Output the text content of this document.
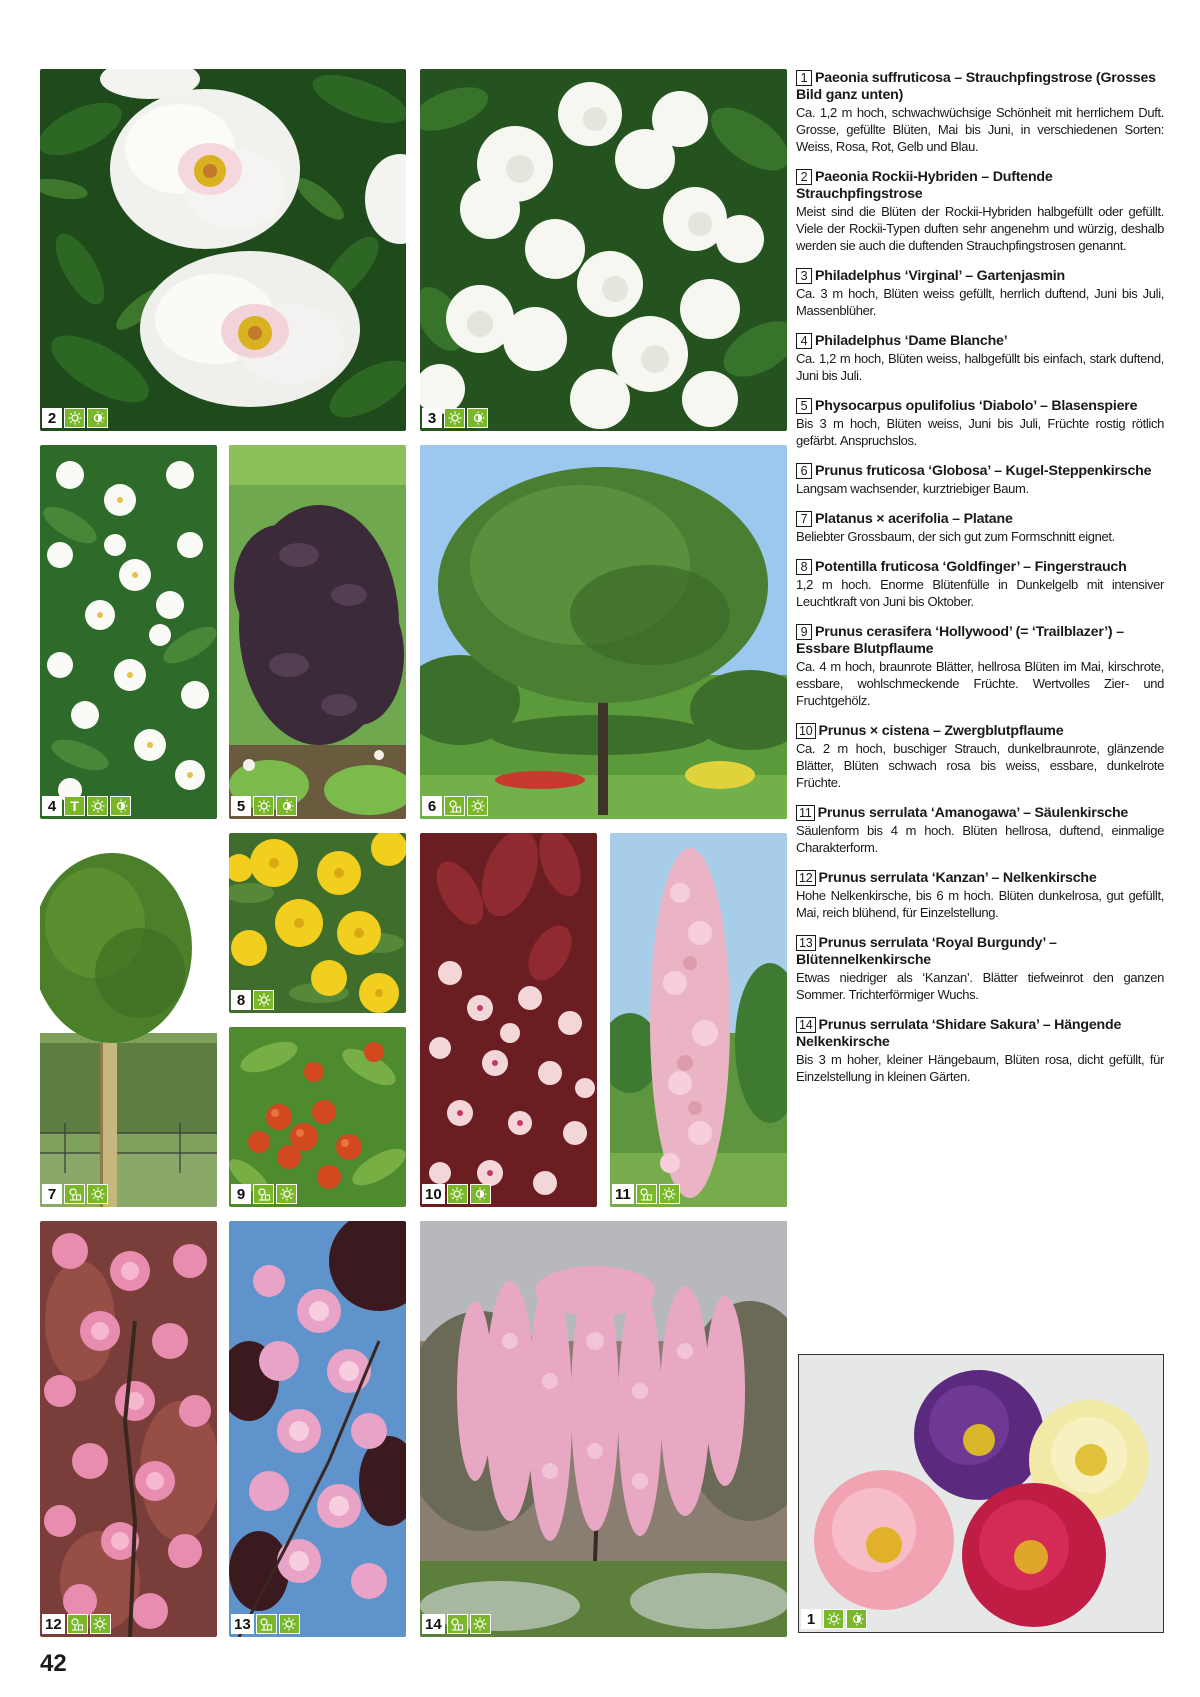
2	3
4	T	5	6
7
8
9	10	11
12	13	14	1
1 Paeonia suffruticosa – Strauchpfingstrose (Grosses Bild ganz unten)
Ca. 1,2 m hoch, schwachwüchsige Schönheit mit herrlichem Duft. Grosse, gefüllte Blüten, Mai bis Juni, in verschiedenen Sorten: Weiss, Rosa, Rot, Gelb und Blau.
2 Paeonia Rockii-Hybriden – Duftende Strauchpfingstrose
Meist sind die Blüten der Rockii-Hybriden halbgefüllt oder gefüllt. Viele der Rockii-Typen duften sehr angenehm und würzig, deshalb werden sie auch die duftenden Strauchpfingstrosen genannt.
3 Philadelphus ‘Virginal’ – Gartenjasmin
Ca. 3 m hoch, Blüten weiss gefüllt, herrlich duftend, Juni bis Juli, Massenblüher.
4 Philadelphus ‘Dame Blanche’
Ca. 1,2 m hoch, Blüten weiss, halbgefüllt bis einfach, stark duftend, Juni bis Juli.
5 Physocarpus opulifolius ‘Diabolo’ – Blasenspiere
Bis 3 m hoch, Blüten weiss, Juni bis Juli, Früchte rostig rötlich gefärbt. Anspruchslos.
6 Prunus fruticosa ‘Globosa’ – Kugel-Steppenkirsche
Langsam wachsender, kurztriebiger Baum.
7 Platanus × acerifolia – Platane
Beliebter Grossbaum, der sich gut zum Formschnitt eignet.
8 Potentilla fruticosa ‘Goldfinger’ – Fingerstrauch
1,2 m hoch. Enorme Blütenfülle in Dunkelgelb mit intensiver Leuchtkraft von Juni bis Oktober.
9 Prunus cerasifera ‘Hollywood’ (= ‘Trailblazer’) – Essbare Blutpflaume
Ca. 4 m hoch, braunrote Blätter, hellrosa Blüten im Mai, kirschrote, essbare, wohlschmeckende Früchte. Wertvolles Zier- und Fruchtgehölz.
10 Prunus × cistena – Zwergblutpflaume
Ca. 2 m hoch, buschiger Strauch, dunkelbraunrote, glänzende Blätter, Blüten schwach rosa bis weiss, essbare, dunkelrote Früchte.
11 Prunus serrulata ‘Amanogawa’ – Säulenkirsche
Säulenform bis 4 m hoch. Blüten hellrosa, duftend, einmalige Charakterform.
12 Prunus serrulata ‘Kanzan’ – Nelkenkirsche
Hohe Nelkenkirsche, bis 6 m hoch. Blüten dunkelrosa, gut gefüllt, Mai, reich blühend, für Einzelstellung.
13 Prunus serrulata ‘Royal Burgundy’ – Blütennelkenkirsche
Etwas niedriger als ‘Kanzan’. Blätter tiefweinrot den ganzen Sommer. Trichterförmiger Wuchs.
14 Prunus serrulata ‘Shidare Sakura’ – Hängende Nelkenkirsche
Bis 3 m hoher, kleiner Hängebaum, Blüten rosa, dicht gefüllt, für Einzelstellung in kleinen Gärten.
42
